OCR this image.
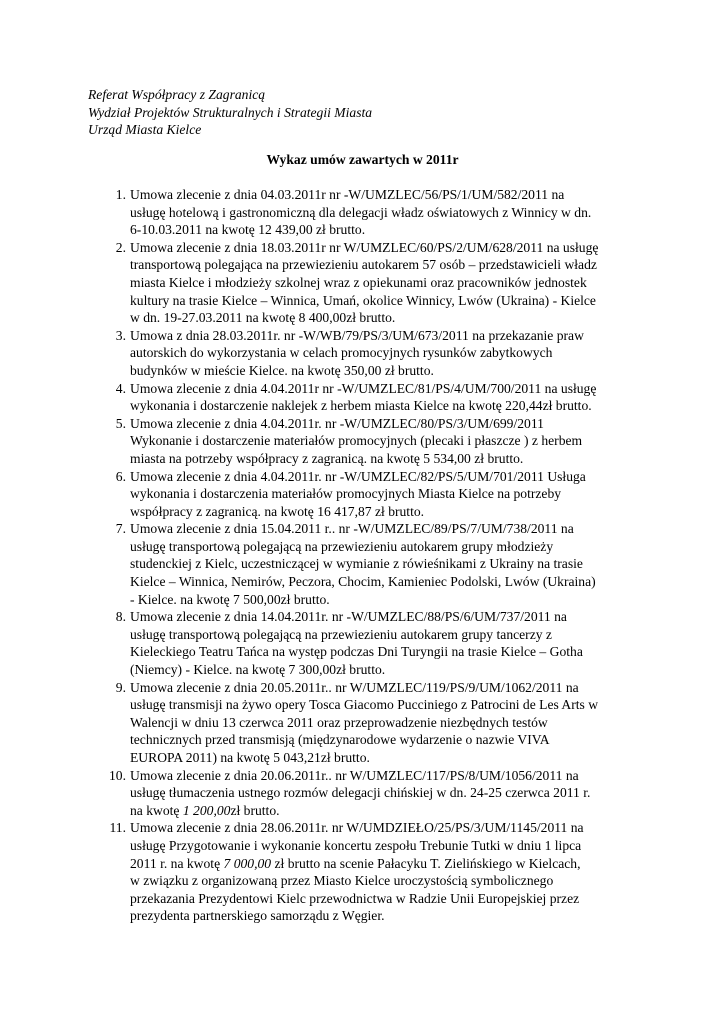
Referat Współpracy z Zagranicą
Wydział Projektów Strukturalnych i Strategii Miasta
Urząd Miasta Kielce
Wykaz umów zawartych w 2011r
1. Umowa zlecenie z dnia 04.03.2011r nr -W/UMZLEC/56/PS/1/UM/582/2011 na
usługę hotelową i gastronomiczną dla delegacji władz oświatowych z Winnicy w dn.
6-10.03.2011 na kwotę 12 439,00 zł brutto.
2. Umowa zlecenie z dnia 18.03.2011r nr W/UMZLEC/60/PS/2/UM/628/2011 na usługę
transportową polegająca na przewiezieniu autokarem 57 osób – przedstawicieli władz
miasta Kielce i młodzieży szkolnej wraz z opiekunami oraz pracowników jednostek
kultury na trasie Kielce – Winnica, Umań, okolice Winnicy, Lwów (Ukraina) - Kielce
w dn. 19-27.03.2011 na kwotę 8 400,00zł brutto.
3. Umowa z dnia 28.03.2011r. nr -W/WB/79/PS/3/UM/673/2011 na przekazanie praw
autorskich do wykorzystania w celach promocyjnych rysunków zabytkowych
budynków w mieście Kielce. na kwotę 350,00 zł brutto.
4. Umowa zlecenie z dnia 4.04.2011r nr -W/UMZLEC/81/PS/4/UM/700/2011 na usługę
wykonania i dostarczenie naklejek z herbem miasta Kielce na kwotę 220,44zł brutto.
5. Umowa zlecenie z dnia 4.04.2011r. nr -W/UMZLEC/80/PS/3/UM/699/2011
Wykonanie i dostarczenie materiałów promocyjnych (plecaki i płaszcze ) z herbem
miasta na potrzeby współpracy z zagranicą. na kwotę 5 534,00 zł brutto.
6. Umowa zlecenie z dnia 4.04.2011r. nr -W/UMZLEC/82/PS/5/UM/701/2011 Usługa
wykonania i dostarczenia materiałów promocyjnych Miasta Kielce na potrzeby
współpracy z zagranicą. na kwotę 16 417,87 zł brutto.
7. Umowa zlecenie z dnia 15.04.2011 r.. nr -W/UMZLEC/89/PS/7/UM/738/2011 na
usługę transportową polegającą na przewiezieniu autokarem grupy młodzieży
studenckiej z Kielc, uczestniczącej w wymianie z rówieśnikami z Ukrainy na trasie
Kielce – Winnica, Nemirów, Peczora, Chocim, Kamieniec Podolski, Lwów (Ukraina)
- Kielce. na kwotę 7 500,00zł brutto.
8. Umowa zlecenie z dnia 14.04.2011r. nr -W/UMZLEC/88/PS/6/UM/737/2011 na
usługę transportową polegającą na przewiezieniu autokarem grupy tancerzy z
Kieleckiego Teatru Tańca na występ podczas Dni Turyngii na trasie Kielce – Gotha
(Niemcy) - Kielce. na kwotę 7 300,00zł brutto.
9. Umowa zlecenie z dnia 20.05.2011r.. nr W/UMZLEC/119/PS/9/UM/1062/2011 na
usługę transmisji na żywo opery Tosca Giacomo Pucciniego z Patrocini de Les Arts w
Walencji w dniu 13 czerwca 2011 oraz przeprowadzenie niezbędnych testów
technicznych przed transmisją (międzynarodowe wydarzenie o nazwie VIVA
EUROPA 2011) na kwotę 5 043,21zł brutto.
10. Umowa zlecenie z dnia 20.06.2011r.. nr W/UMZLEC/117/PS/8/UM/1056/2011 na
usługę tłumaczenia ustnego rozmów delegacji chińskiej w dn. 24-25 czerwca 2011 r.
na kwotę 1 200,00zł brutto.
11. Umowa zlecenie z dnia 28.06.2011r. nr W/UMDZIEŁO/25/PS/3/UM/1145/2011 na
usługę Przygotowanie i wykonanie koncertu zespołu Trebunie Tutki w dniu 1 lipca
2011 r. na kwotę 7 000,00 zł brutto na scenie Pałacyku T. Zielińskiego w Kielcach,
w związku z organizowaną przez Miasto Kielce uroczystością symbolicznego
przekazania Prezydentowi Kielc przewodnictwa w Radzie Unii Europejskiej przez
prezydenta partnerskiego samorządu z Węgier.
